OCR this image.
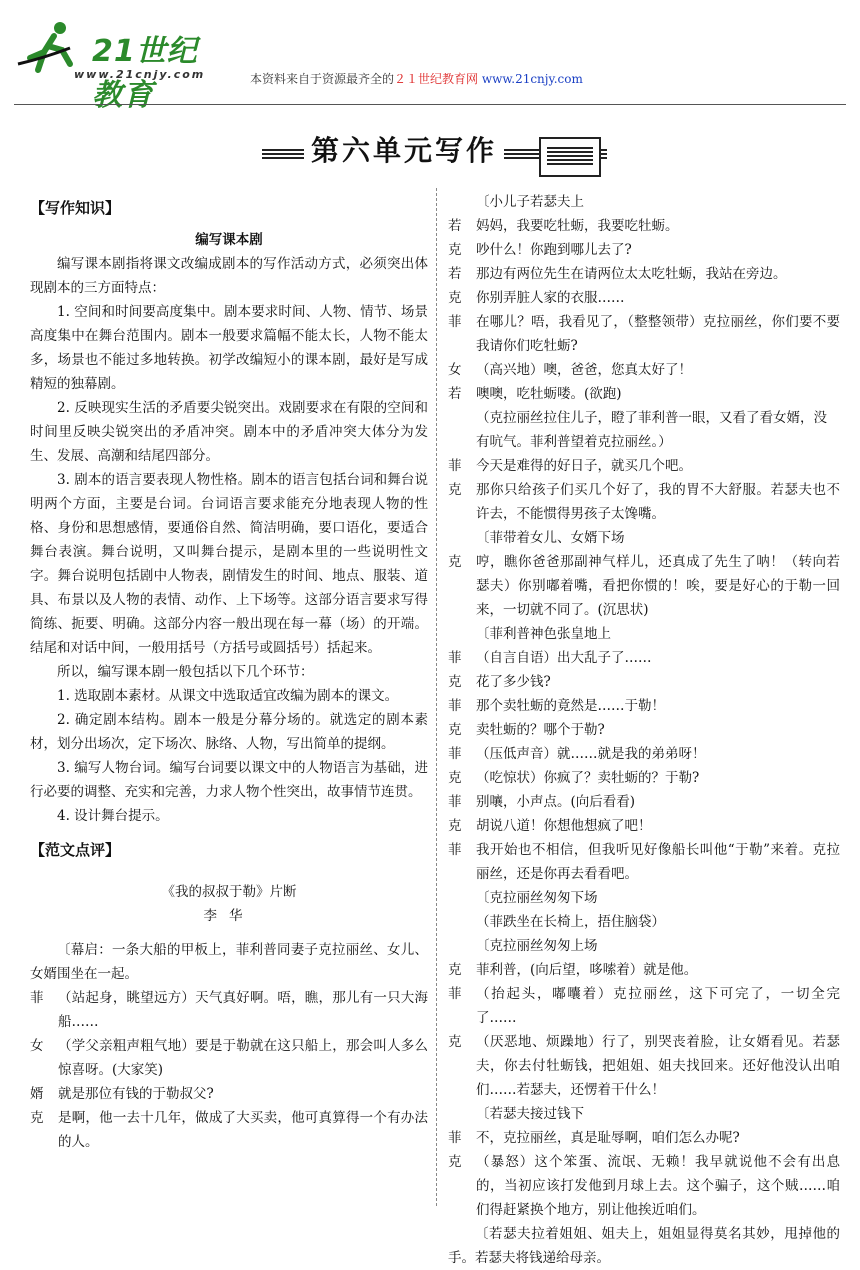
21世纪教育
www.21cnjy.com	本资料来自于资源最齐全的２１世纪教育网 www.21cnjy.com
第六单元写作

【写作知识】

编写课本剧

编写课本剧指将课文改编成剧本的写作活动方式，必须突出体现剧本的三方面特点：

1. 空间和时间要高度集中。剧本要求时间、人物、情节、场景高度集中在舞台范围内。剧本一般要求篇幅不能太长，人物不能太多，场景也不能过多地转换。初学改编短小的课本剧，最好是写成精短的独幕剧。

2. 反映现实生活的矛盾要尖锐突出。戏剧要求在有限的空间和时间里反映尖锐突出的矛盾冲突。剧本中的矛盾冲突大体分为发生、发展、高潮和结尾四部分。

3. 剧本的语言要表现人物性格。剧本的语言包括台词和舞台说明两个方面，主要是台词。台词语言要求能充分地表现人物的性格、身份和思想感情，要通俗自然、简洁明确，要口语化，要适合舞台表演。舞台说明，又叫舞台提示，是剧本里的一些说明性文字。舞台说明包括剧中人物表，剧情发生的时间、地点、服装、道具、布景以及人物的表情、动作、上下场等。这部分语言要求写得简练、扼要、明确。这部分内容一般出现在每一幕（场）的开端。结尾和对话中间，一般用括号（方括号或圆括号）括起来。

所以，编写课本剧一般包括以下几个环节：

1. 选取剧本素材。从课文中选取适宜改编为剧本的课文。

2. 确定剧本结构。剧本一般是分幕分场的。就选定的剧本素材，划分出场次，定下场次、脉络、人物，写出简单的提纲。

3. 编写人物台词。编写台词要以课文中的人物语言为基础，进行必要的调整、充实和完善，力求人物个性突出，故事情节连贯。

4. 设计舞台提示。

【范文点评】

《我的叔叔于勒》片断

李华

〔幕启：一条大船的甲板上，菲利普同妻子克拉丽丝、女儿、女婿围坐在一起。

菲	（站起身，眺望远方）天气真好啊。唔，瞧，那儿有一只大海船……
女	（学父亲粗声粗气地）要是于勒就在这只船上，那会叫人多么惊喜呀。(大家笑)
婿	就是那位有钱的于勒叔父?
克	是啊，他一去十几年，做成了大买卖，他可真算得一个有办法的人。

〔小儿子若瑟夫上

若	妈妈，我要吃牡蛎，我要吃牡蛎。
克	吵什么！你跑到哪儿去了?
若	那边有两位先生在请两位太太吃牡蛎，我站在旁边。
克	你别弄脏人家的衣服……
菲	在哪儿？唔，我看见了，（整整领带）克拉丽丝，你们要不要我请你们吃牡蛎?
女	（高兴地）噢，爸爸，您真太好了！
若	噢噢，吃牡蛎喽。(欲跑)

（克拉丽丝拉住儿子，瞪了菲利普一眼，又看了看女婿，没有吭气。菲利普望着克拉丽丝。）

菲	今天是难得的好日子，就买几个吧。
克	那你只给孩子们买几个好了，我的胃不大舒服。若瑟夫也不许去，不能惯得男孩子太馋嘴。

〔菲带着女儿、女婿下场

克	哼，瞧你爸爸那副神气样儿，还真成了先生了呐！（转向若瑟夫）你别嘟着嘴，看把你惯的！唉，要是好心的于勒一回来，一切就不同了。(沉思状)

〔菲利普神色张皇地上

菲	（自言自语）出大乱子了……
克	花了多少钱?
菲	那个卖牡蛎的竟然是……于勒！
克	卖牡蛎的？哪个于勒?
菲	（压低声音）就……就是我的弟弟呀！
克	（吃惊状）你疯了？卖牡蛎的？于勒?
菲	别嚷，小声点。(向后看看)
克	胡说八道！你想他想疯了吧！
菲	我开始也不相信，但我听见好像船长叫他“于勒”来着。克拉丽丝，还是你再去看看吧。

〔克拉丽丝匆匆下场

（菲跌坐在长椅上，捂住脑袋）

〔克拉丽丝匆匆上场

克	菲利普，(向后望，哆嗦着）就是他。
菲	（抬起头，嘟囔着）克拉丽丝，这下可完了，一切全完了……
克	（厌恶地、烦躁地）行了，别哭丧着脸，让女婿看见。若瑟夫，你去付牡蛎钱，把姐姐、姐夫找回来。还好他没认出咱们……若瑟夫，还愣着干什么！

〔若瑟夫接过钱下

菲	不，克拉丽丝，真是耻辱啊，咱们怎么办呢?
克	（暴怒）这个笨蛋、流氓、无赖！我早就说他不会有出息的，当初应该打发他到月球上去。这个骗子，这个贼……咱们得赶紧换个地方，别让他挨近咱们。

〔若瑟夫拉着姐姐、姐夫上，姐姐显得莫名其妙，甩掉他的手。若瑟夫将钱递给母亲。
